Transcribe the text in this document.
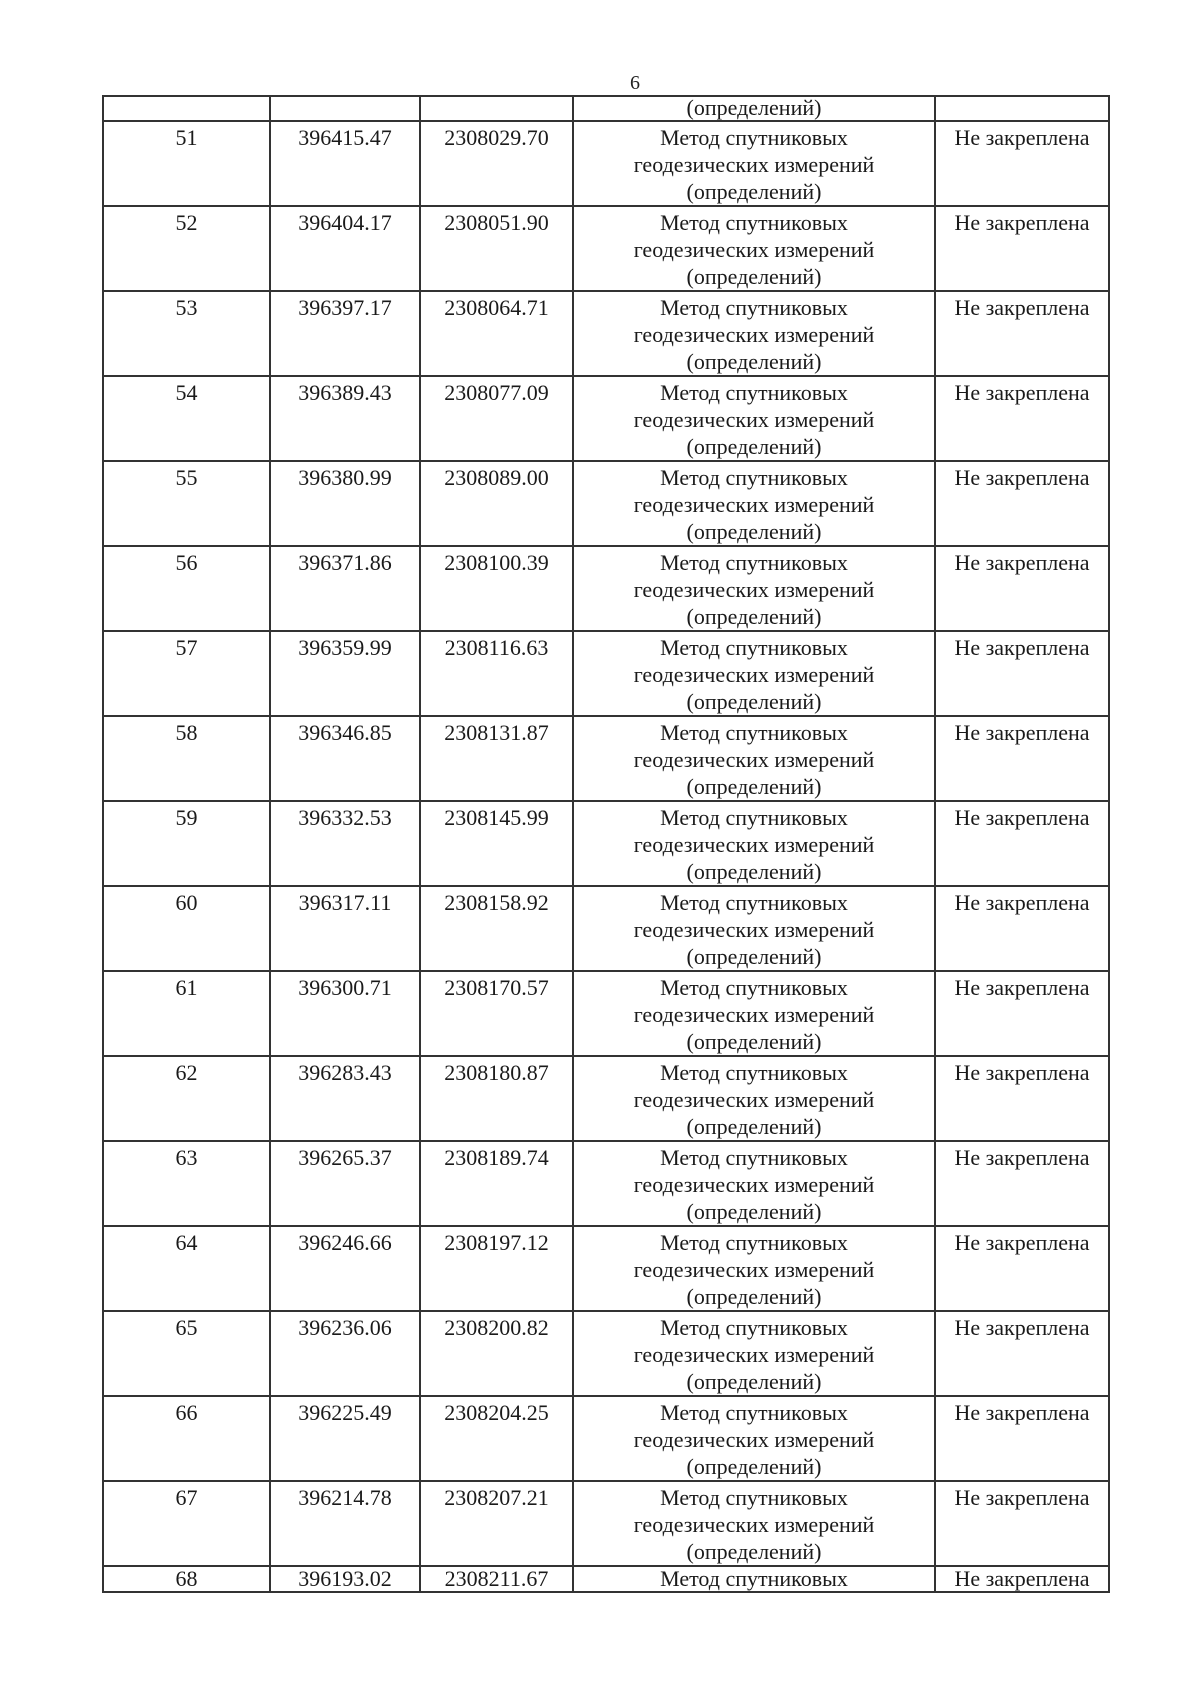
6
			(определений)	
51	396415.47	2308029.70	Метод спутниковых
геодезических измерений
(определений)	Не закреплена
52	396404.17	2308051.90	Метод спутниковых
геодезических измерений
(определений)	Не закреплена
53	396397.17	2308064.71	Метод спутниковых
геодезических измерений
(определений)	Не закреплена
54	396389.43	2308077.09	Метод спутниковых
геодезических измерений
(определений)	Не закреплена
55	396380.99	2308089.00	Метод спутниковых
геодезических измерений
(определений)	Не закреплена
56	396371.86	2308100.39	Метод спутниковых
геодезических измерений
(определений)	Не закреплена
57	396359.99	2308116.63	Метод спутниковых
геодезических измерений
(определений)	Не закреплена
58	396346.85	2308131.87	Метод спутниковых
геодезических измерений
(определений)	Не закреплена
59	396332.53	2308145.99	Метод спутниковых
геодезических измерений
(определений)	Не закреплена
60	396317.11	2308158.92	Метод спутниковых
геодезических измерений
(определений)	Не закреплена
61	396300.71	2308170.57	Метод спутниковых
геодезических измерений
(определений)	Не закреплена
62	396283.43	2308180.87	Метод спутниковых
геодезических измерений
(определений)	Не закреплена
63	396265.37	2308189.74	Метод спутниковых
геодезических измерений
(определений)	Не закреплена
64	396246.66	2308197.12	Метод спутниковых
геодезических измерений
(определений)	Не закреплена
65	396236.06	2308200.82	Метод спутниковых
геодезических измерений
(определений)	Не закреплена
66	396225.49	2308204.25	Метод спутниковых
геодезических измерений
(определений)	Не закреплена
67	396214.78	2308207.21	Метод спутниковых
геодезических измерений
(определений)	Не закреплена
68	396193.02	2308211.67	Метод спутниковых	Не закреплена
